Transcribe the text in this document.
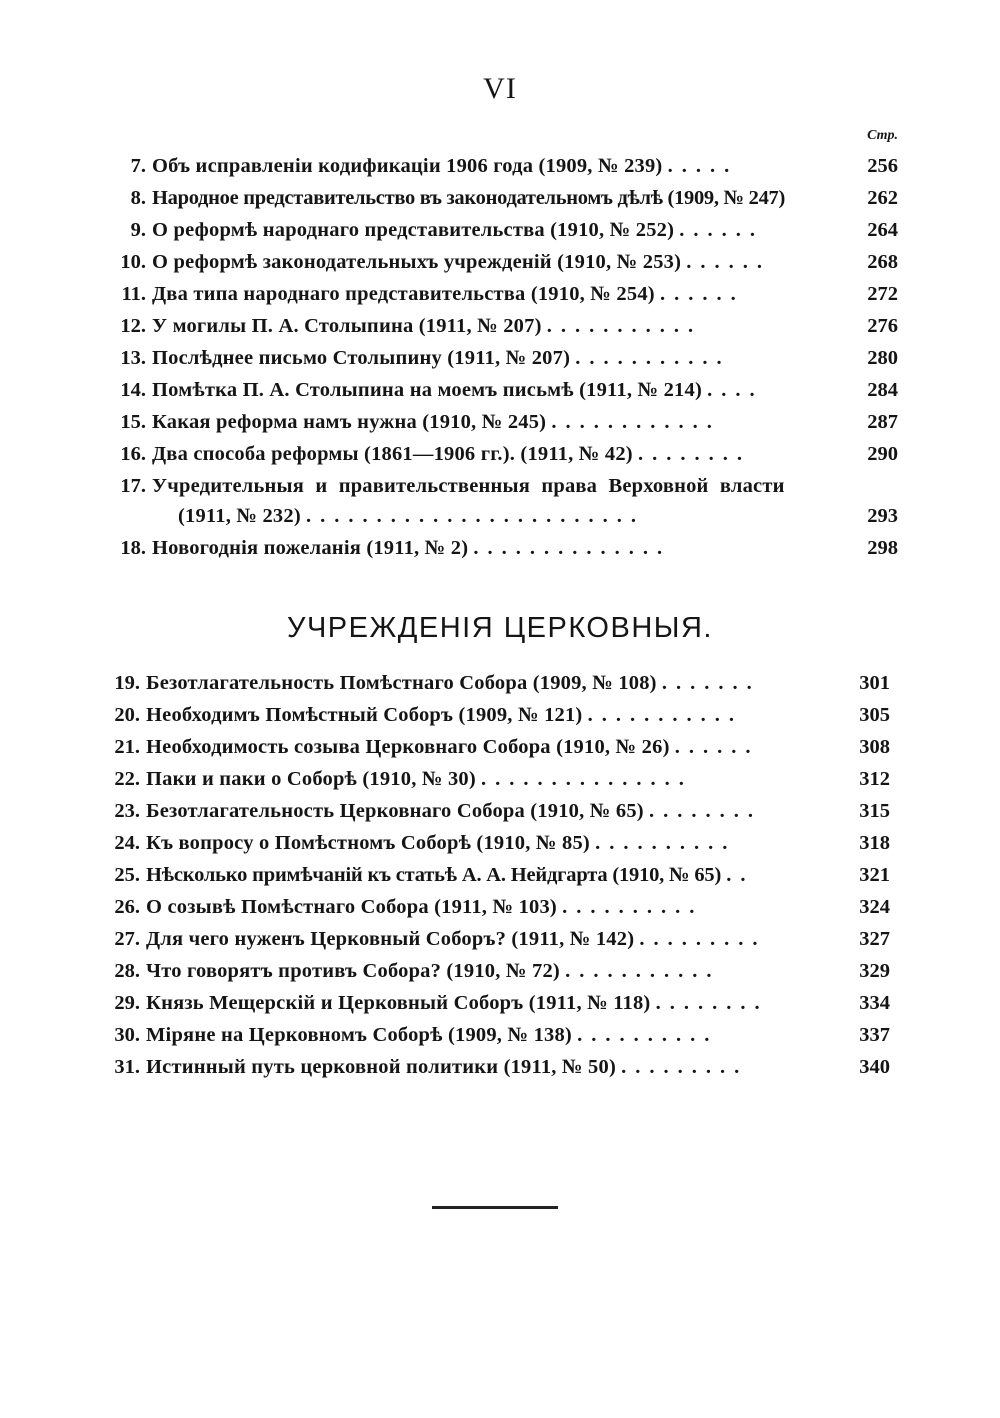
VI
Стр.
7. Объ исправленіи кодификаціи 1906 года (1909, № 239) .....	256
8. Народное представительство въ законодательномъ дѣлѣ (1909, № 247)	262
9. О реформѣ народнаго представительства (1910, № 252) ......	264
10. О реформѣ законодательныхъ учрежденій (1910, № 253) ......	268
11. Два типа народнаго представительства (1910, № 254) ......	272
12. У могилы П. А. Столыпина (1911, № 207) ...........	276
13. Послѣднее письмо Столыпину (1911, № 207) ...........	280
14. Помѣтка П. А. Столыпина на моемъ письмѣ (1911, № 214) ....	284
15. Какая реформа намъ нужна (1910, № 245) ............	287
16. Два способа реформы (1861—1906 гг.). (1911, № 42) ........	290
17. Учредительныя и правительственныя права Верховной власти
(1911, № 232) ........................	293
18. Новогоднія пожеланія (1911, № 2) ..............	298
УЧРЕЖДЕНІЯ ЦЕРКОВНЫЯ.
19. Безотлагательность Помѣстнаго Собора (1909, № 108) .......	301
20. Необходимъ Помѣстный Соборъ (1909, № 121) ...........	305
21. Необходимость созыва Церковнаго Собора (1910, № 26) ......	308
22. Паки и паки о Соборѣ (1910, № 30) ...............	312
23. Безотлагательность Церковнаго Собора (1910, № 65) ........	315
24. Къ вопросу о Помѣстномъ Соборѣ (1910, № 85) ..........	318
25. Нѣсколько примѣчаній къ статьѣ А. А. Нейдгарта (1910, № 65) ..	321
26. О созывѣ Помѣстнаго Собора (1911, № 103) ..........	324
27. Для чего нуженъ Церковный Соборъ? (1911, № 142) .........	327
28. Что говорятъ противъ Собора? (1910, № 72) ...........	329
29. Князь Мещерскій и Церковный Соборъ (1911, № 118) ........	334
30. Міряне на Церковномъ Соборѣ (1909, № 138) ..........	337
31. Истинный путь церковной политики (1911, № 50) .........	340
